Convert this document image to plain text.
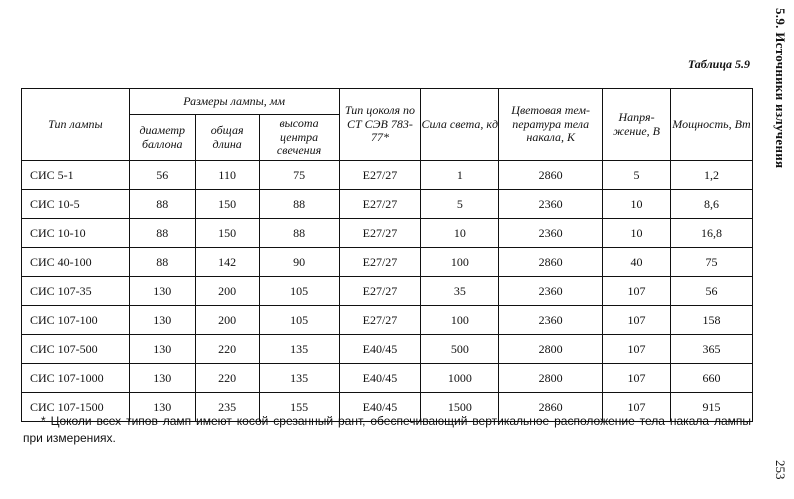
Таблица 5.9 5.9. Источники излучения
253
Тип лампы	Размеры лампы, мм			Тип цоколя по СТ СЭВ 783-77*	Сила света, кд	Цветовая тем-пература тела накала, К	Напря-жение, В	Мощность, Вт
	диаметр баллона	общая длина	высота центра свечения					
СИС 5-1	56	110	75	E27/27	1	2860	5	1,2
СИС 10-5	88	150	88	E27/27	5	2360	10	8,6
СИС 10-10	88	150	88	E27/27	10	2360	10	16,8
СИС 40-100	88	142	90	E27/27	100	2860	40	75
СИС 107-35	130	200	105	E27/27	35	2360	107	56
СИС 107-100	130	200	105	E27/27	100	2360	107	158
СИС 107-500	130	220	135	E40/45	500	2800	107	365
СИС 107-1000	130	220	135	E40/45	1000	2800	107	660
СИС 107-1500	130	235	155	E40/45	1500	2860	107	915
* Цоколи всех типов ламп имеют косой срезанный рант, обеспечивающий вертикальное расположение тела накала лампы при измерениях.
